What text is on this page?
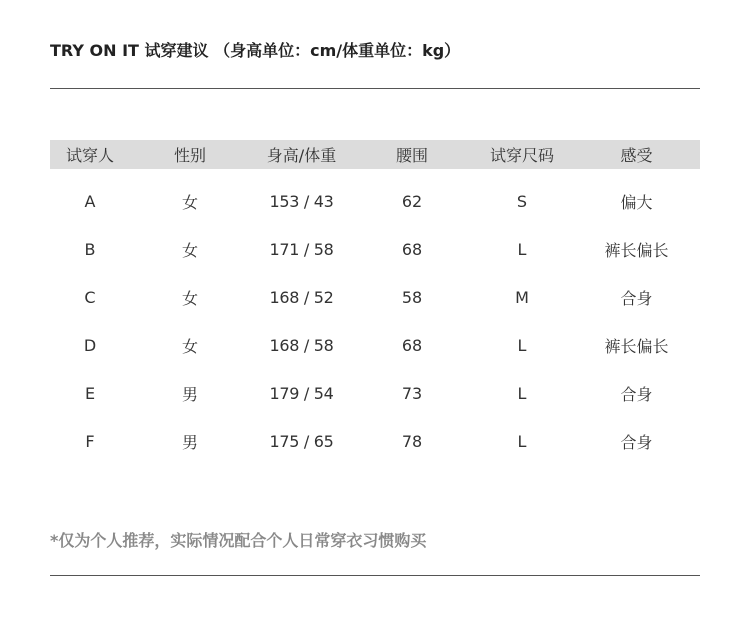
TRY ON IT 试穿建议 （身高单位：cm/体重单位：kg）
试穿人	性别	身高/体重	腰围	试穿尺码	感受
A	女	153 / 43	62	S	偏大
B	女	171 / 58	68	L	裤长偏长
C	女	168 / 52	58	M	合身
D	女	168 / 58	68	L	裤长偏长
E	男	179 / 54	73	L	合身
F	男	175 / 65	78	L	合身
*仅为个人推荐，实际情况配合个人日常穿衣习惯购买
